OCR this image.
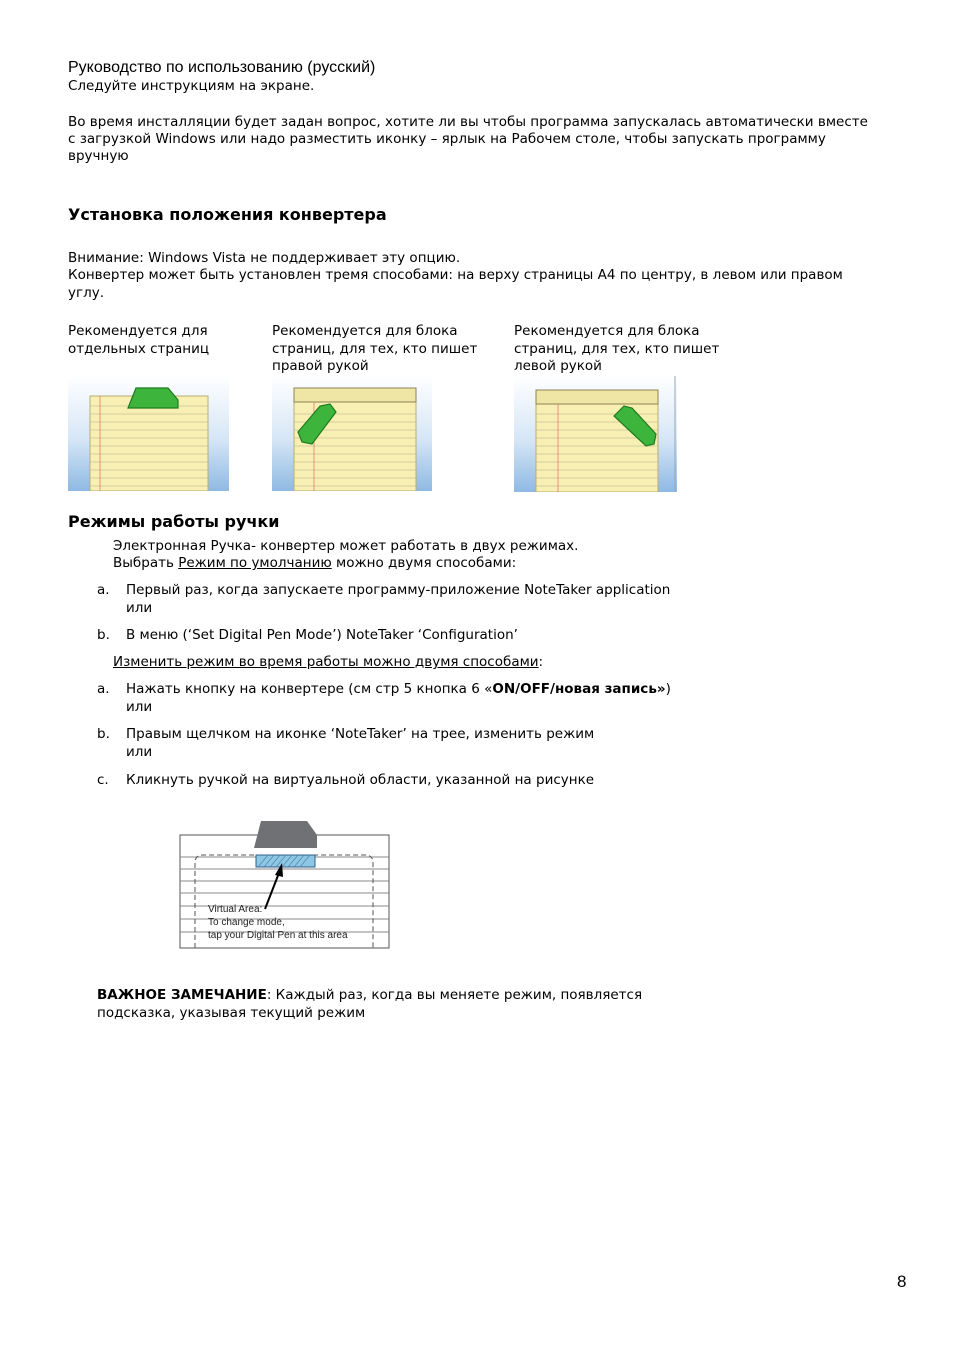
Руководство по использованию (русский)
Следуйте инструкциям на экране.
Во время инсталляции будет задан вопрос, хотите ли вы чтобы программа запускалась автоматически вместе
с загрузкой Windows или надо разместить иконку – ярлык на Рабочем столе, чтобы запускать программу
вручную
Установка положения конвертера
Внимание: Windows Vista не поддерживает эту опцию.
Конвертер может быть установлен тремя способами: на верху страницы А4 по центру, в левом или правом
углу.
Рекомендуется для
отдельных страниц
Рекомендуется для блока
страниц, для тех, кто пишет
правой рукой
Рекомендуется для блока
страниц, для тех, кто пишет
левой рукой
Режимы работы ручки
Электронная Ручка- конвертер может работать в двух режимах.
Выбрать Режим по умолчанию можно двумя способами:
a.	Первый раз, когда запускаете программу-приложение NoteTaker application
или
b.	В меню (‘Set Digital Pen Mode’) NoteTaker ‘Configuration’
Изменить режим во время работы можно двумя способами:
a.	Нажать кнопку на конвертере (см стр 5 кнопка 6 «ON/OFF/новая запись»)
или
b.	Правым щелчком на иконке ‘NoteTaker’ на трее, изменить режим
или
c.	Кликнуть ручкой на виртуальной области, указанной на рисунке
Virtual Area:
To change mode,
tap your Digital Pen at this area
ВАЖНОЕ ЗАМЕЧАНИЕ: Каждый раз, когда вы меняете режим, появляется
подсказка, указывая текущий режим
8
